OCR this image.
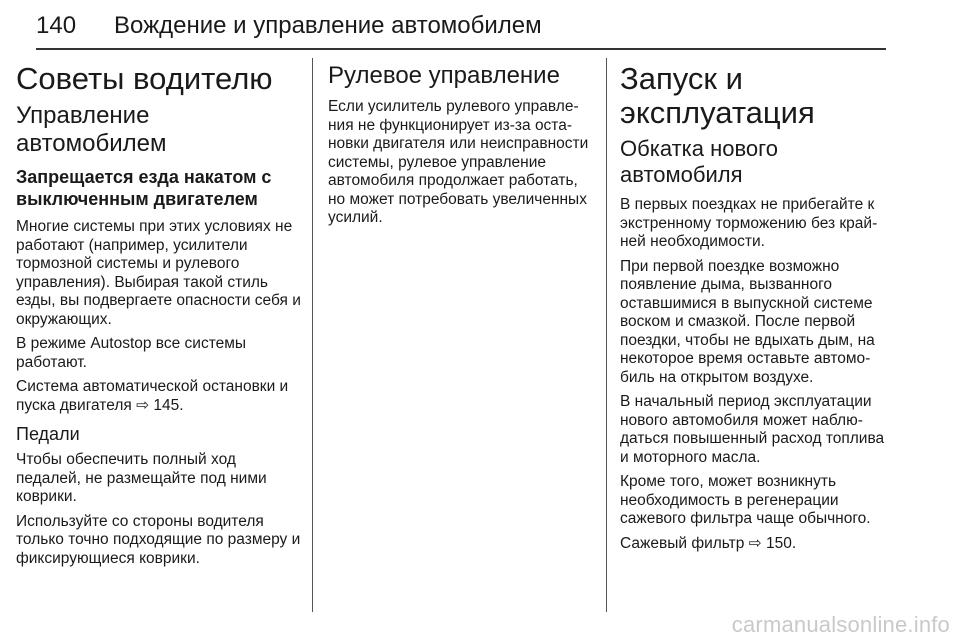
140 Вождение и управление автомобилем
Советы водителю
Управление автомобилем
Запрещается езда накатом с выключенным двигателем

Многие системы при этих условиях не работают (например, усилители тормозной системы и рулевого управления). Выбирая такой стиль езды, вы подвергаете опасности себя и окружающих.

В режиме Autostop все системы работают.

Система автоматической остановки и пуска двигателя ⇨ 145.

Педали

Чтобы обеспечить полный ход педалей, не размещайте под ними коврики.

Используйте со стороны водителя только точно подходящие по размеру и фиксирующиеся коврики.

Рулевое управление

Если усилитель рулевого управления не функционирует из-за остановки двигателя или неисправности системы, рулевое управление автомобиля продолжает работать, но может потребовать увеличенных усилий.

Запуск и эксплуатация
Обкатка нового автомобиля

В первых поездках не прибегайте к экстренному торможению без крайней необходимости.

При первой поездке возможно появление дыма, вызванного оставшимися в выпускной системе воском и смазкой. После первой поездки, чтобы не вдыхать дым, на некоторое время оставьте автомобиль на открытом воздухе.

В начальный период эксплуатации нового автомобиля может наблюдаться повышенный расход топлива и моторного масла.

Кроме того, может возникнуть необходимость в регенерации сажевого фильтра чаще обычного.

Сажевый фильтр ⇨ 150.

carmanualsonline.info
